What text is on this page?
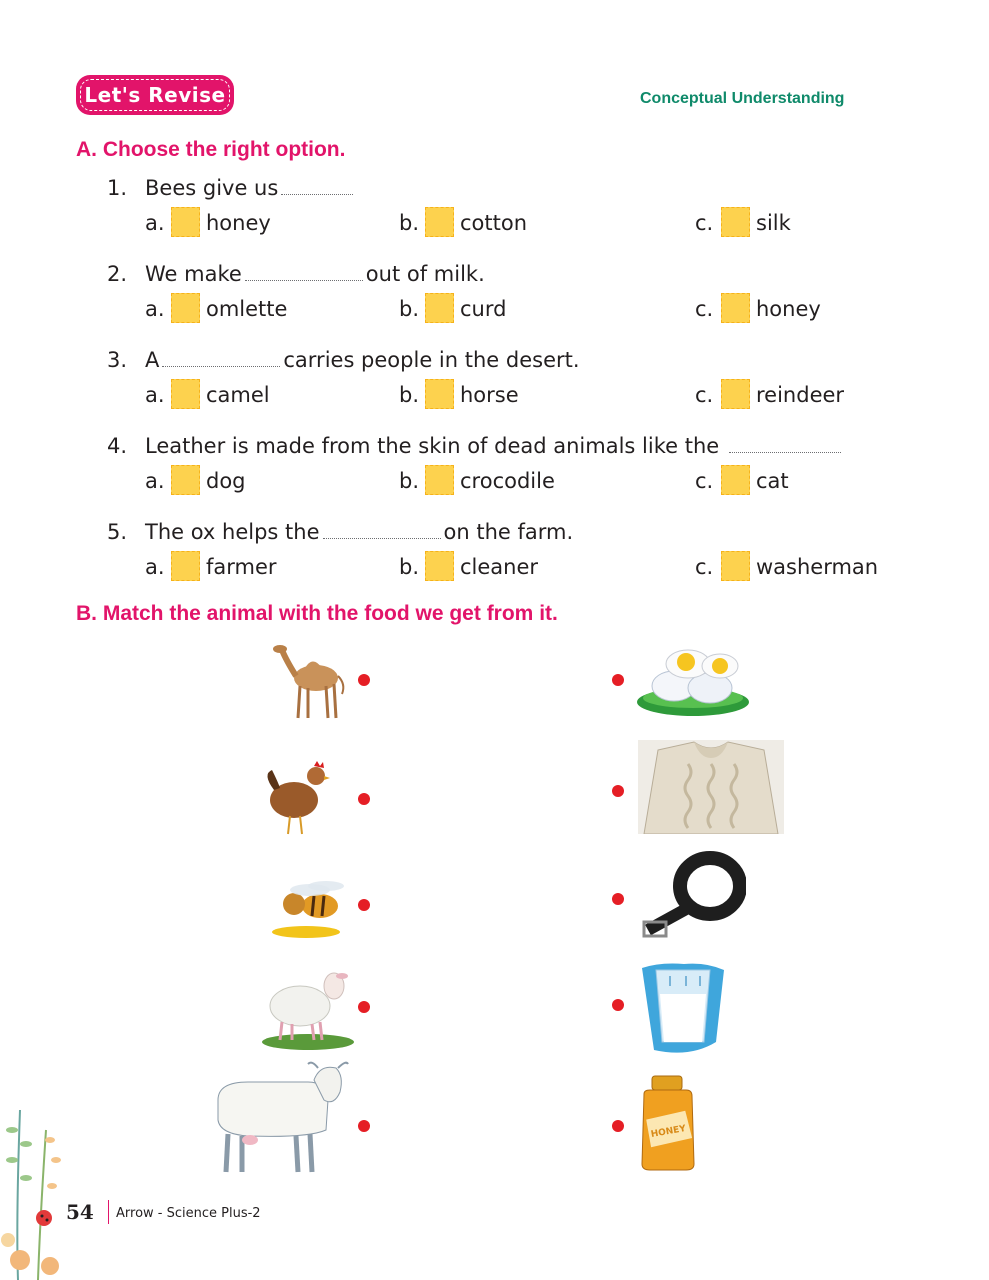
Let's Revise	Conceptual Understanding
A. Choose the right option.
1. Bees give us
a. honey	b. cotton	c. silk
2. We make	out of milk.
a. omlette	b. curd	c. honey
3. A	carries people in the desert.
a. camel	b. horse	c. reindeer
4. Leather is made from the skin of dead animals like the
a. dog	b. crocodile	c. cat
5. The ox helps the	on the farm.
a. farmer	b. cleaner	c. washerman
B. Match the animal with the food we get from it.
HONEY
54 Arrow - Science Plus-2
